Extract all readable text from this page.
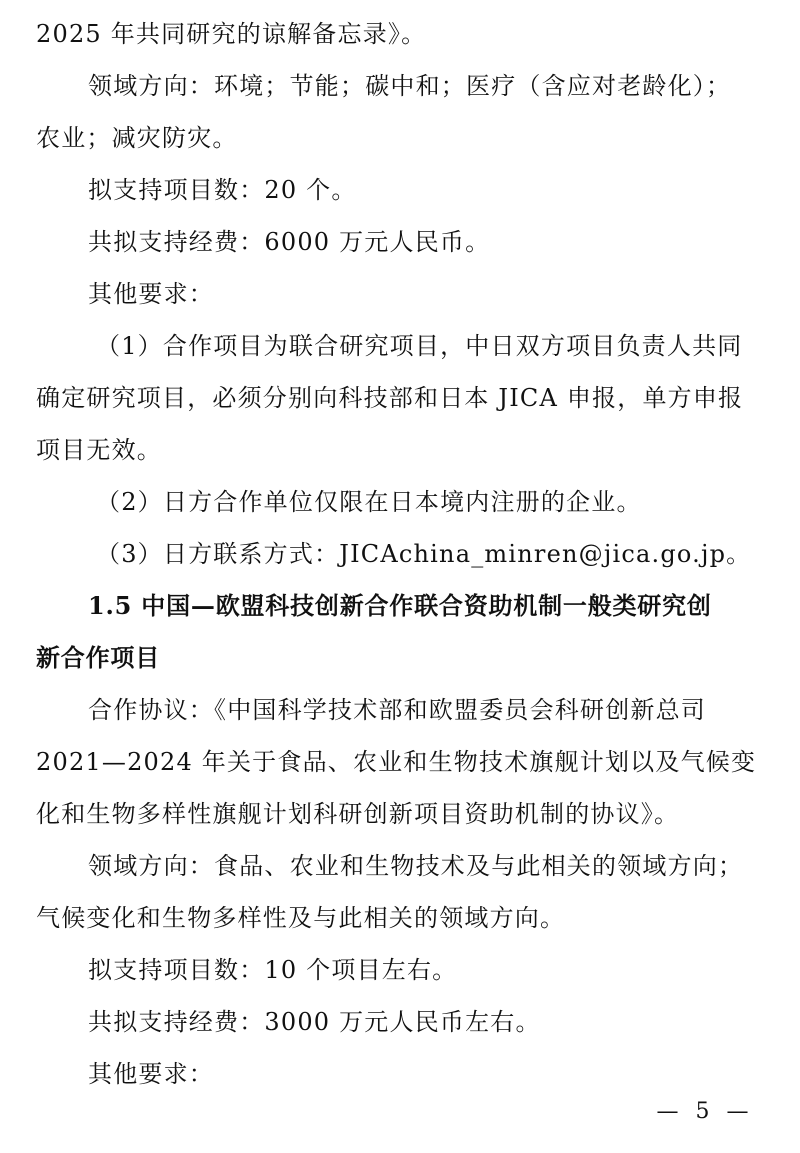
2025 年共同研究的谅解备忘录》。
领域方向：环境；节能；碳中和；医疗（含应对老龄化）；
农业；减灾防灾。
拟支持项目数：20 个。
共拟支持经费：6000 万元人民币。
其他要求：
（1）合作项目为联合研究项目，中日双方项目负责人共同
确定研究项目，必须分别向科技部和日本 JICA 申报，单方申报
项目无效。
（2）日方合作单位仅限在日本境内注册的企业。
（3）日方联系方式：JICAchina_minren@jica.go.jp。
1.5 中国—欧盟科技创新合作联合资助机制一般类研究创
新合作项目
合作协议：《中国科学技术部和欧盟委员会科研创新总司
2021—2024 年关于食品、农业和生物技术旗舰计划以及气候变
化和生物多样性旗舰计划科研创新项目资助机制的协议》。
领域方向：食品、农业和生物技术及与此相关的领域方向；
气候变化和生物多样性及与此相关的领域方向。
拟支持项目数：10 个项目左右。
共拟支持经费：3000 万元人民币左右。
其他要求：
— 5 —
